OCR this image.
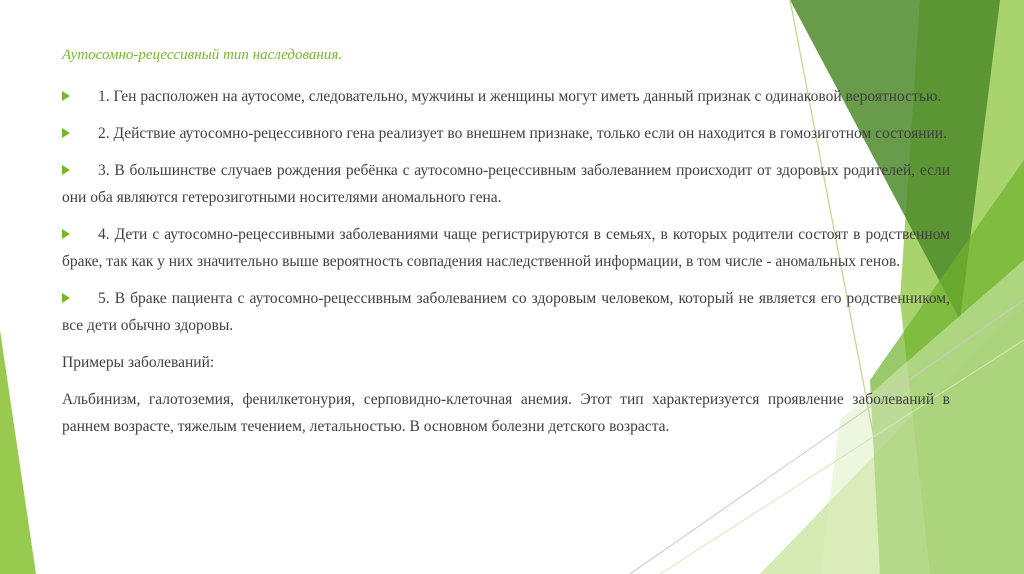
Аутосомно-рецессивный тип наследования.

1. Ген расположен на аутосоме, следовательно, мужчины и женщины могут иметь данный признак с одинаковой вероятностью.

2. Действие аутосомно-рецессивного гена реализует во внешнем признаке, только если он находится в гомозиготном состоянии.

3. В большинстве случаев рождения ребёнка с аутосомно-рецессивным заболеванием происходит от здоровых родителей, если они оба являются гетерозиготными носителями аномального гена.

4. Дети с аутосомно-рецессивными заболеваниями чаще регистрируются в семьях, в которых родители состоят в родственном браке, так как у них значительно выше вероятность совпадения наследственной информации, в том числе - аномальных генов.

5. В браке пациента с аутосомно-рецессивным заболеванием со здоровым человеком, который не является его родственником, все дети обычно здоровы.

Примеры заболеваний:

Альбинизм, галотоземия, фенилкетонурия, серповидно-клеточная анемия. Этот тип характеризуется проявление заболеваний в раннем возрасте, тяжелым течением, летальностью. В основном болезни детского возраста.
